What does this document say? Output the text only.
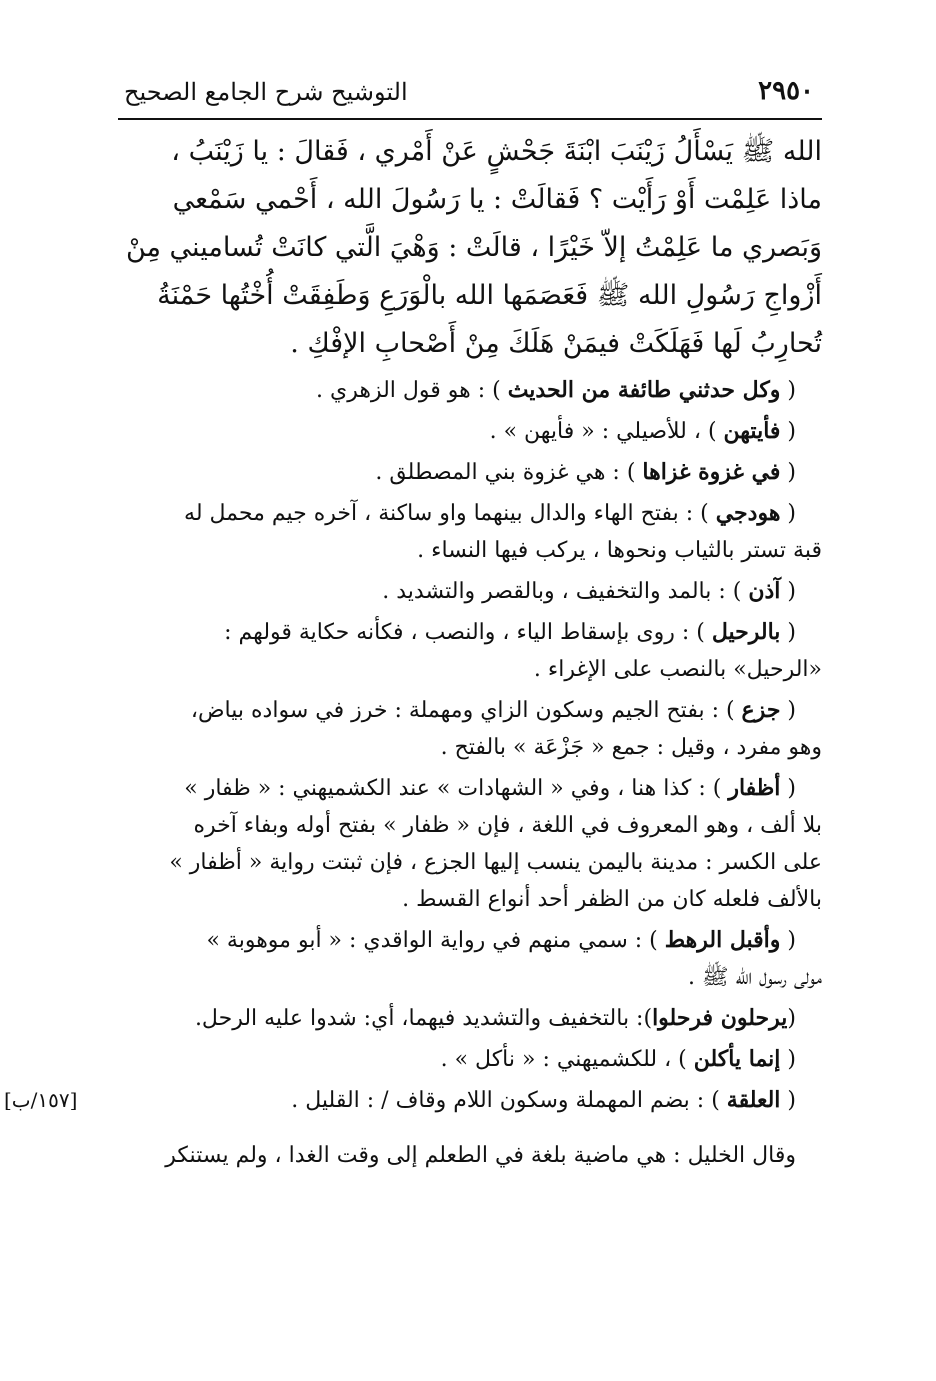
٢٩٥٠
التوشيح شرح الجامع الصحيح

الله ﷺ يَسْأَلُ زَيْنَبَ ابْنَةَ جَحْشٍ عَنْ أَمْري ، فَقالَ : يا زَيْنَبُ ،

ماذا عَلِمْت أَوْ رَأَيْت ؟ فَقالَتْ : يا رَسُولَ الله ، أَحْمي سَمْعي

وَبَصري ما عَلِمْتُ إلاّ خَيْرًا ، قالَتْ : وَهْيَ الَّتي كانَتْ تُساميني مِنْ

أَزْواجِ رَسُولِ الله ﷺ فَعَصَمَها الله بالْوَرَعِ وَطَفِقَتْ أُخْتُها حَمْنَةُ

تُحارِبُ لَها فَهَلَكَتْ فيمَنْ هَلَكَ مِنْ أَصْحابِ الإفْكِ .

( وكل حدثني طائفة من الحديث ) : هو قول الزهري .
( فأيتهن ) ، للأصيلي : « فأيهن » .
( في غزوة غزاها ) : هي غزوة بني المصطلق .
( هودجي ) : بفتح الهاء والدال بينهما واو ساكنة ، آخره جيم محمل له
قبة تستر بالثياب ونحوها ، يركب فيها النساء .
( آذن ) : بالمد والتخفيف ، وبالقصر والتشديد .
( بالرحيل ) : روى بإسقاط الياء ، والنصب ، فكأنه حكاية قولهم :
«الرحيل» بالنصب على الإغراء .
( جزع ) : بفتح الجيم وسكون الزاي ومهملة : خرز في سواده بياض،
وهو مفرد ، وقيل : جمع « جَزْعَة » بالفتح .
( أظفار ) : كذا هنا ، وفي « الشهادات » عند الكشميهني : « ظفار »
بلا ألف ، وهو المعروف في اللغة ، فإن « ظفار » بفتح أوله وبفاء آخره
على الكسر : مدينة باليمن ينسب إليها الجزع ، فإن ثبتت رواية « أظفار »
بالألف فلعله كان من الظفر أحد أنواع القسط .
( وأقبل الرهط ) : سمي منهم في رواية الواقدي : « أبو موهوبة »
مولى رسول الله ﷺ .
(يرحلون فرحلوا): بالتخفيف والتشديد فيهما، أي: شدوا عليه الرحل.
( إنما يأكلن ) ، للكشميهني : « نأكل » .
[١٥٧/ب]	( العلقة ) : بضم المهملة وسكون اللام وقاف / : القليل .
وقال الخليل : هي ماضية بلغة في الطعلم إلى وقت الغدا ، ولم يستنكر
